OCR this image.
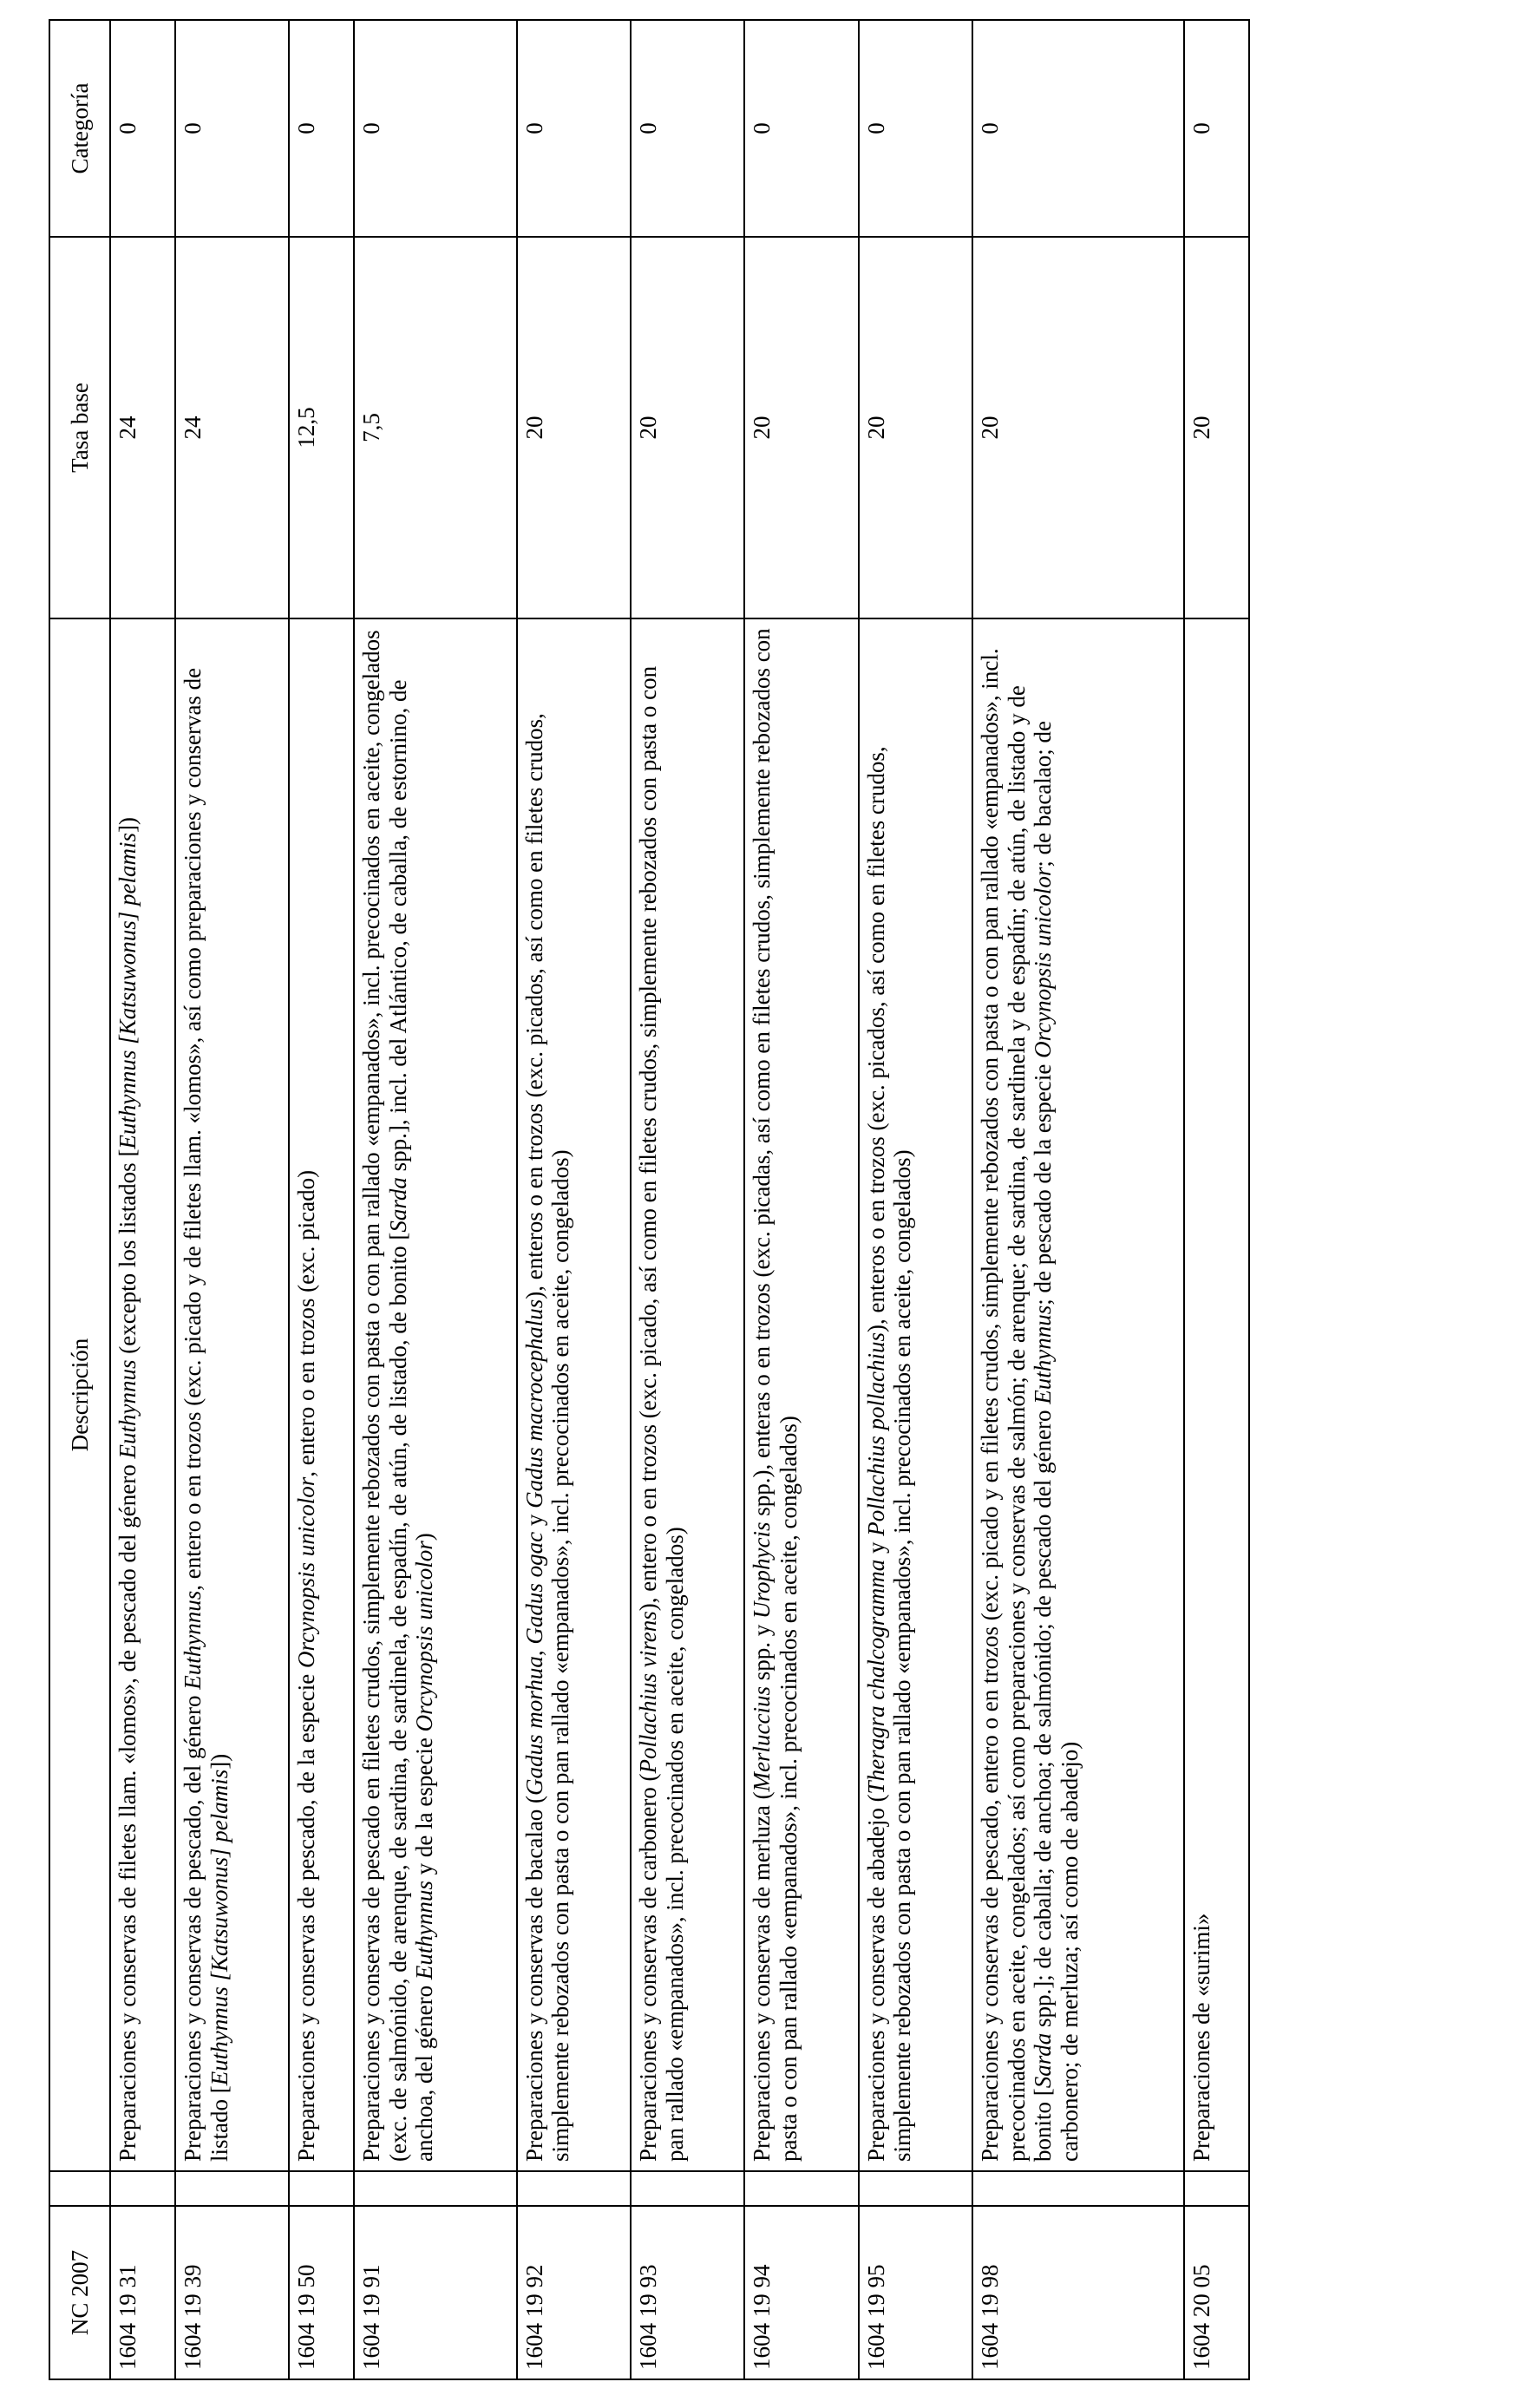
NC 2007		Descripción	Tasa base	Categoría
1604 19 31		Preparaciones y conservas de filetes llam. «lomos», de pescado del género Euthynnus (excepto los listados [Euthynnus [Katsuwonus] pelamis])	24	0
1604 19 39		Preparaciones y conservas de pescado, del género Euthynnus, entero o en trozos (exc. picado y de filetes llam. «lomos», así como preparaciones y conservas de listado [Euthynnus [Katsuwonus] pelamis])	24	0
1604 19 50		Preparaciones y conservas de pescado, de la especie Orcynopsis unicolor, entero o en trozos (exc. picado)	12,5	0
1604 19 91		Preparaciones y conservas de pescado en filetes crudos, simplemente rebozados con pasta o con pan rallado «empanados», incl. precocinados en aceite, congelados (exc. de salmónido, de arenque, de sardina, de sardinela, de espadín, de atún, de listado, de bonito [Sarda spp.], incl. del Atlántico, de caballa, de estornino, de anchoa, del género Euthynnus y de la especie Orcynopsis unicolor)	7,5	0
1604 19 92		Preparaciones y conservas de bacalao (Gadus morhua, Gadus ogac y Gadus macrocephalus), enteros o en trozos (exc. picados, así como en filetes crudos, simplemente rebozados con pasta o con pan rallado «empanados», incl. precocinados en aceite, congelados)	20	0
1604 19 93		Preparaciones y conservas de carbonero (Pollachius virens), entero o en trozos (exc. picado, así como en filetes crudos, simplemente rebozados con pasta o con pan rallado «empanados», incl. precocinados en aceite, congelados)	20	0
1604 19 94		Preparaciones y conservas de merluza (Merluccius spp. y Urophycis spp.), enteras o en trozos (exc. picadas, así como en filetes crudos, simplemente rebozados con pasta o con pan rallado «empanados», incl. precocinados en aceite, congelados)	20	0
1604 19 95		Preparaciones y conservas de abadejo (Theragra chalcogramma y Pollachius pollachius), enteros o en trozos (exc. picados, así como en filetes crudos, simplemente rebozados con pasta o con pan rallado «empanados», incl. precocinados en aceite, congelados)	20	0
1604 19 98		Preparaciones y conservas de pescado, entero o en trozos (exc. picado y en filetes crudos, simplemente rebozados con pasta o con pan rallado «empanados», incl. precocinados en aceite, congelados; así como preparaciones y conservas de salmón; de arenque; de sardina, de sardinela y de espadín; de atún, de listado y de bonito [Sarda spp.]; de caballa; de anchoa; de salmónido; de pescado del género Euthynnus; de pescado de la especie Orcynopsis unicolor; de bacalao; de carbonero; de merluza; así como de abadejo)	20	0
1604 20 05		Preparaciones de «surimi»	20	0
